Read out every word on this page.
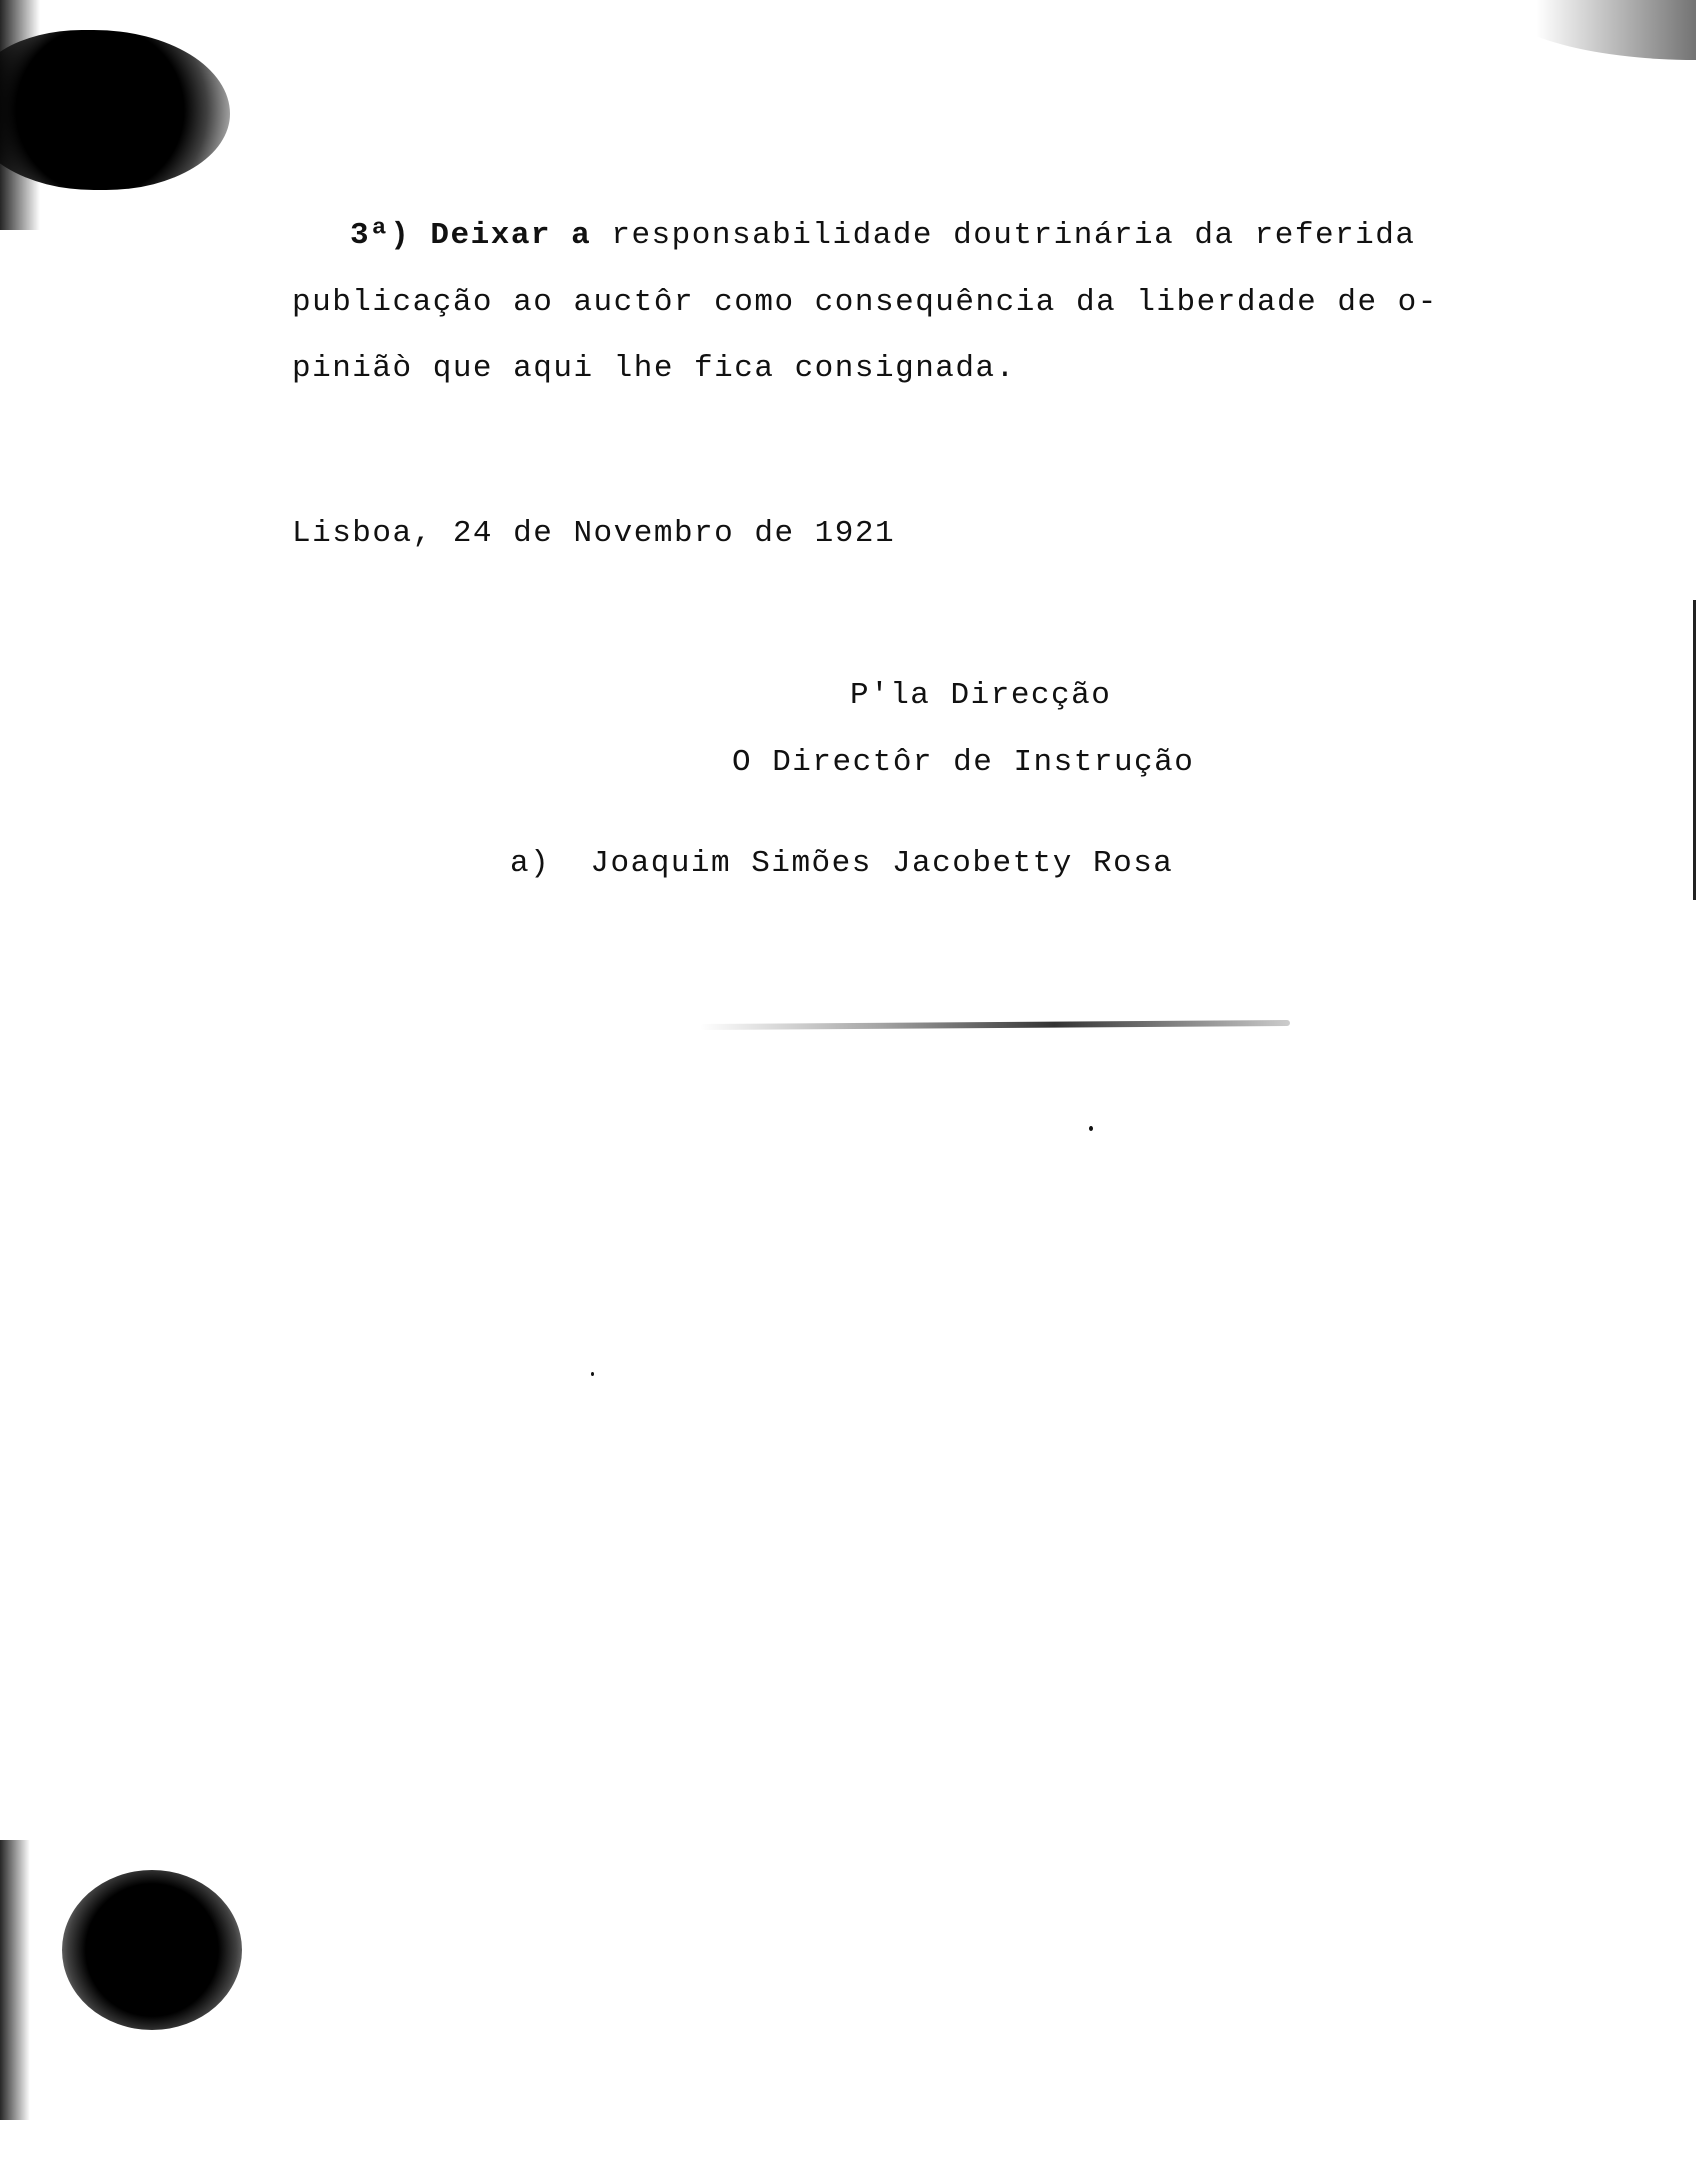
3ª) Deixar a responsabilidade doutrinária da referida
publicação ao auctôr como consequência da liberdade de o-
piniãò que aqui lhe fica consignada.
Lisboa, 24 de Novembro de 1921
P'la Direcção
O Directôr de Instrução
a)  Joaquim Simões Jacobetty Rosa
